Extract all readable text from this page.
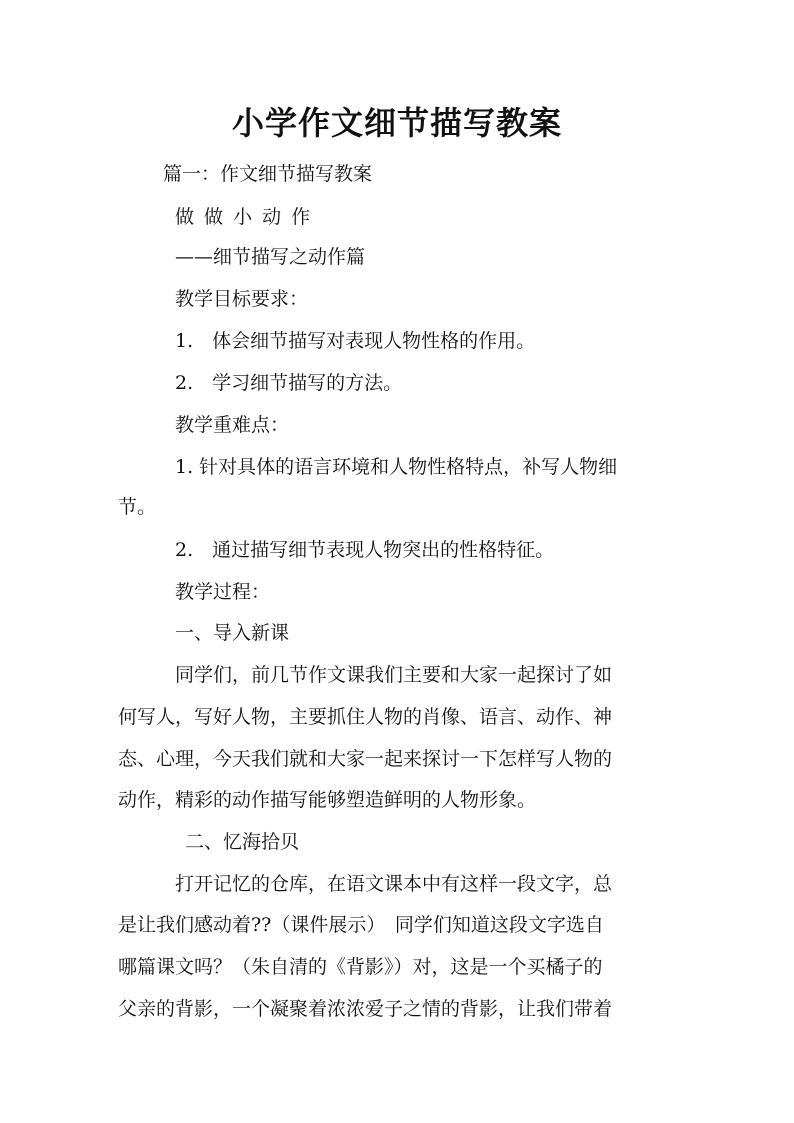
小学作文细节描写教案
篇一：作文细节描写教案
做 做 小 动 作
——细节描写之动作篇
教学目标要求：
1.　体会细节描写对表现人物性格的作用。
2.　学习细节描写的方法。
教学重难点：
1. 针对具体的语言环境和人物性格特点，补写人物细
节。
2.　通过描写细节表现人物突出的性格特征。
教学过程：
一、导入新课
同学们，前几节作文课我们主要和大家一起探讨了如
何写人，写好人物，主要抓住人物的肖像、语言、动作、神
态、心理，今天我们就和大家一起来探讨一下怎样写人物的
动作，精彩的动作描写能够塑造鲜明的人物形象。
二、忆海拾贝
打开记忆的仓库，在语文课本中有这样一段文字，总
是让我们感动着??（课件展示）　同学们知道这段文字选自
哪篇课文吗？（朱自清的《背影》）对，这是一个买橘子的
父亲的背影，一个凝聚着浓浓爱子之情的背影，让我们带着
